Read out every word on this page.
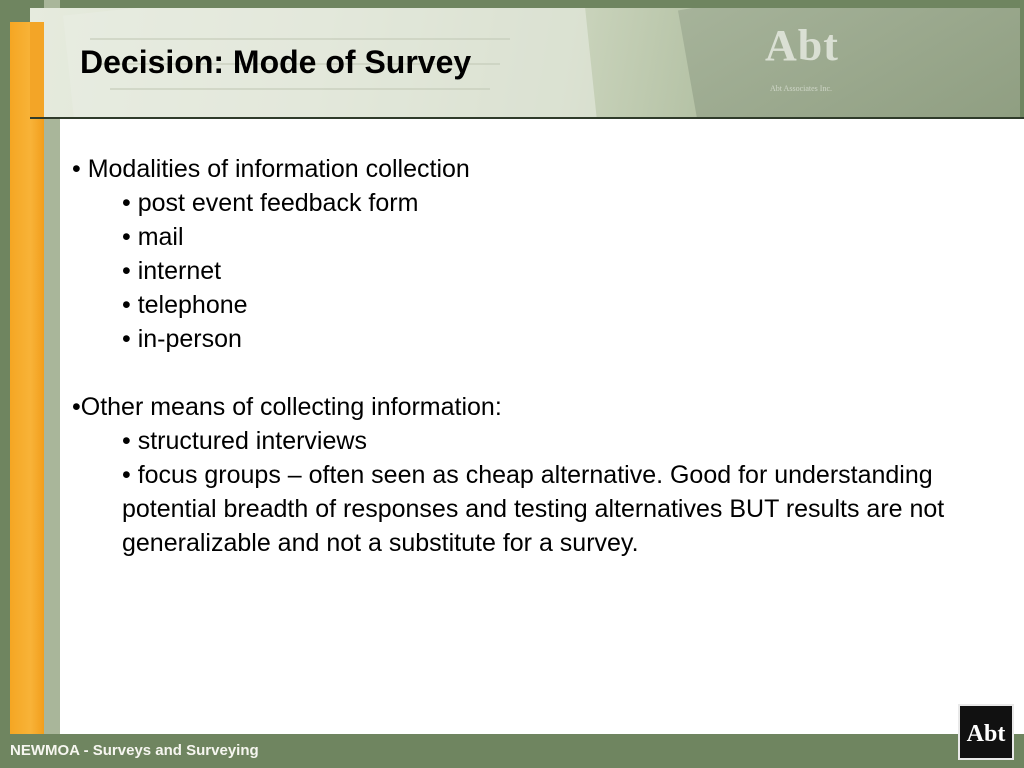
Abt
Abt Associates Inc.
Decision: Mode of Survey
• Modalities of information collection
• post event feedback form
• mail
• internet
• telephone
• in-person
•Other means of collecting information:
• structured interviews
• focus groups – often seen as cheap alternative. Good for understanding potential breadth of responses and testing alternatives BUT results are not generalizable and not a substitute for a survey.
NEWMOA - Surveys and Surveying
Abt
